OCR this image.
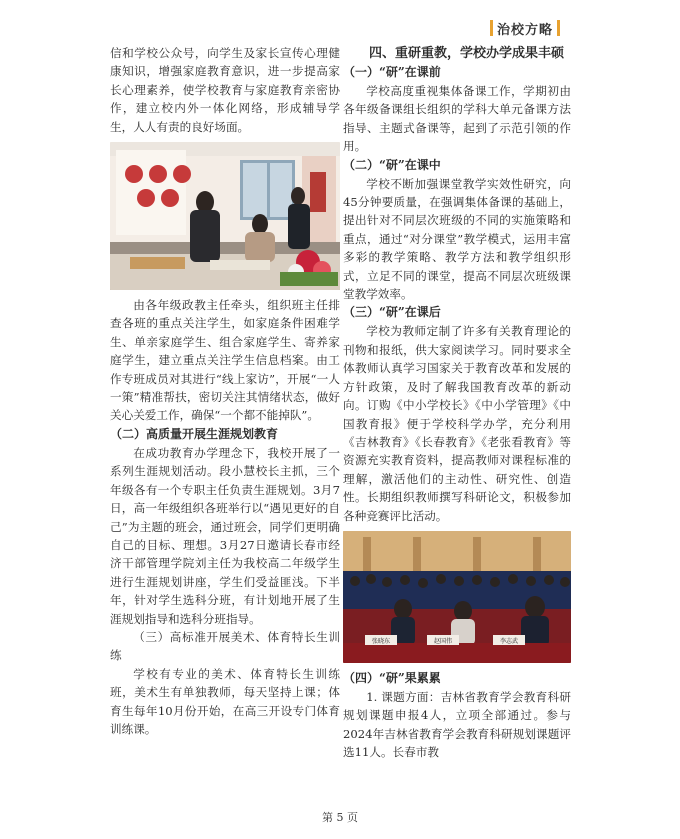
治校方略

信和学校公众号，向学生及家长宣传心理健康知识，增强家庭教育意识，进一步提高家长心理素养，使学校教育与家庭教育亲密协作，建立校内外一体化网络，形成辅导学生，人人有责的良好场面。

由各年级政教主任牵头，组织班主任排查各班的重点关注学生，如家庭条件困难学生、单亲家庭学生、组合家庭学生、寄养家庭学生，建立重点关注学生信息档案。由工作专班成员对其进行“线上家访”，开展“一人一策”精准帮扶，密切关注其情绪状态，做好关心关爱工作，确保“一个都不能掉队”。

（二）高质量开展生涯规划教育

在成功教育办学理念下，我校开展了一系列生涯规划活动。段小慧校长主抓，三个年级各有一个专职主任负责生涯规划。3月7日，高一年级组织各班举行以“遇见更好的自己”为主题的班会，通过班会，同学们更明确自己的目标、理想。3月27日邀请长春市经济干部管理学院刘主任为我校高二年级学生进行生涯规划讲座，学生们受益匪浅。下半年，针对学生选科分班，有计划地开展了生涯规划指导和选科分班指导。

（三）高标准开展美术、体育特长生训练

学校有专业的美术、体育特长生训练班，美术生有单独教师，每天坚持上课；体育生每年10月份开始，在高三开设专门体育训练课。

四、重研重教，学校办学成果丰硕

（一）“研”在课前

学校高度重视集体备课工作，学期初由各年级备课组长组织的学科大单元备课方法指导、主题式备课等，起到了示范引领的作用。

（二）“研”在课中

学校不断加强课堂教学实效性研究，向45分钟要质量，在强调集体备课的基础上，提出针对不同层次班级的不同的实施策略和重点，通过“对分课堂”教学模式，运用丰富多彩的教学策略、教学方法和教学组织形式，立足不同的课堂，提高不同层次班级课堂教学效率。

（三）“研”在课后

学校为教师定制了许多有关教育理论的刊物和报纸，供大家阅读学习。同时要求全体教师认真学习国家关于教育改革和发展的方针政策，及时了解我国教育改革的新动向。订购《中小学校长》《中小学管理》《中国教育报》便于学校科学办学，充分利用《吉林教育》《长春教育》《老张看教育》等资源充实教育资料，提高教师对课程标准的理解，激活他们的主动性、研究性、创造性。长期组织教师撰写科研论文，积极参加各种竞赛评比活动。

张晓东	赵国伟	李志武

（四）“研”果累累

1. 课题方面：吉林省教育学会教育科研规划课题申报4人，立项全部通过。参与2024年吉林省教育学会教育科研规划课题评选11人。长春市教

第 5 页
